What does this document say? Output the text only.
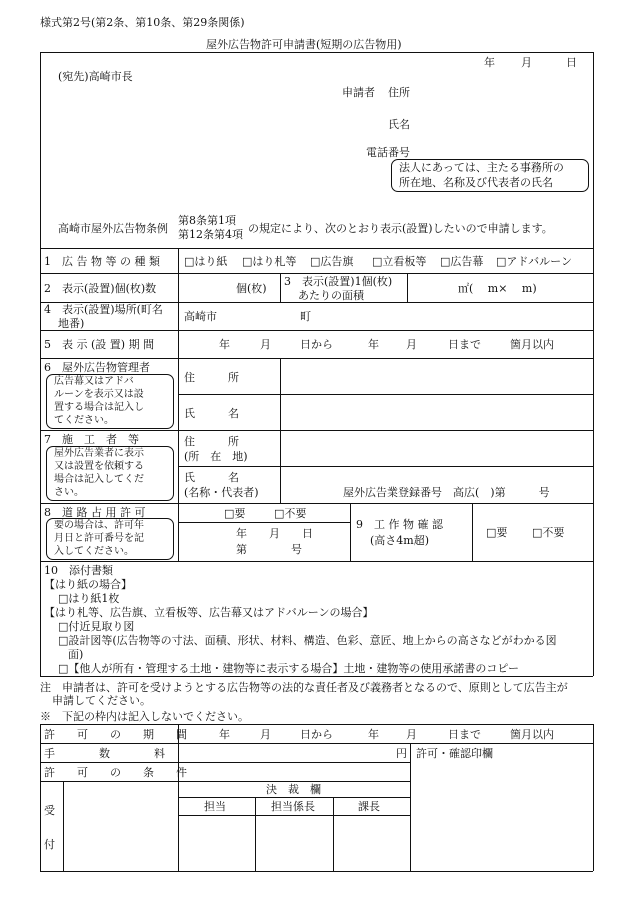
様式第2号(第2条、第10条、第29条関係)
屋外広告物許可申請書(短期の広告物用)
年 月	日
(宛先)高崎市長
申請者 住所
氏名
電話番号
法人にあっては、主たる事務所の
所在地、名称及び代表者の氏名
高崎市屋外広告物条例
第8条第1項
第12条第4項 の規定により、次のとおり表示(設置)したいので申請します。
1　広 告 物 等 の 種 類 □はり紙 □はり札等 □広告旗 □立看板等 □広告幕 □アドバルーン
2　表示(設置)個(枚)数	個(枚)
3　表示(設置)1個(枚)
あたりの面積
㎡(　 m×　 m)
4　表示(設置)場所(町名
地番)
高崎市	町
5　表 示 (設 置) 期 間	年	月	日から	年 月	日まで	箇月以内
6　屋外広告物管理者
広告幕又はアドバ
ルーンを表示又は設
置する場合は記入し
てください。
住　　　所
氏　　　名
7　施　工　者　等
屋外広告業者に表示
又は設置を依頼する
場合は記入してくだ
さい。
住　　　所
(所　在　地)
氏　　　名
(名称・代表者)	屋外広告業登録番号　高広(　)第　　　号
8　道 路 占 用 許 可
要の場合は、許可年
月日と許可番号を記
入してください。
□要	□不要
年　　月　　日
第　　　　号
9　工 作 物 確 認
(高さ4m超)
□要 □不要
10　添付書類
【はり紙の場合】
□はり紙1枚
【はり札等、広告旗、立看板等、広告幕又はアドバルーンの場合】
□付近見取り図
□設計図等(広告物等の寸法、面積、形状、材料、構造、色彩、意匠、地上からの高さなどがわかる図
面)
□【他人が所有・管理する土地・建物等に表示する場合】土地・建物等の使用承諾書のコピー
注　申請者は、許可を受けようとする広告物等の法的な責任者及び義務者となるので、原則として広告主が
申請してください。
※　下記の枠内は記入しないでください。
許　　可　　の　　期　　間	年	月	日から	年 月	日まで	箇月以内
手　　　　数　　　　料	円 許可・確認印欄
許　　可　　の　　条　　件
受
付
決　裁　欄
担当	担当係長	課長
